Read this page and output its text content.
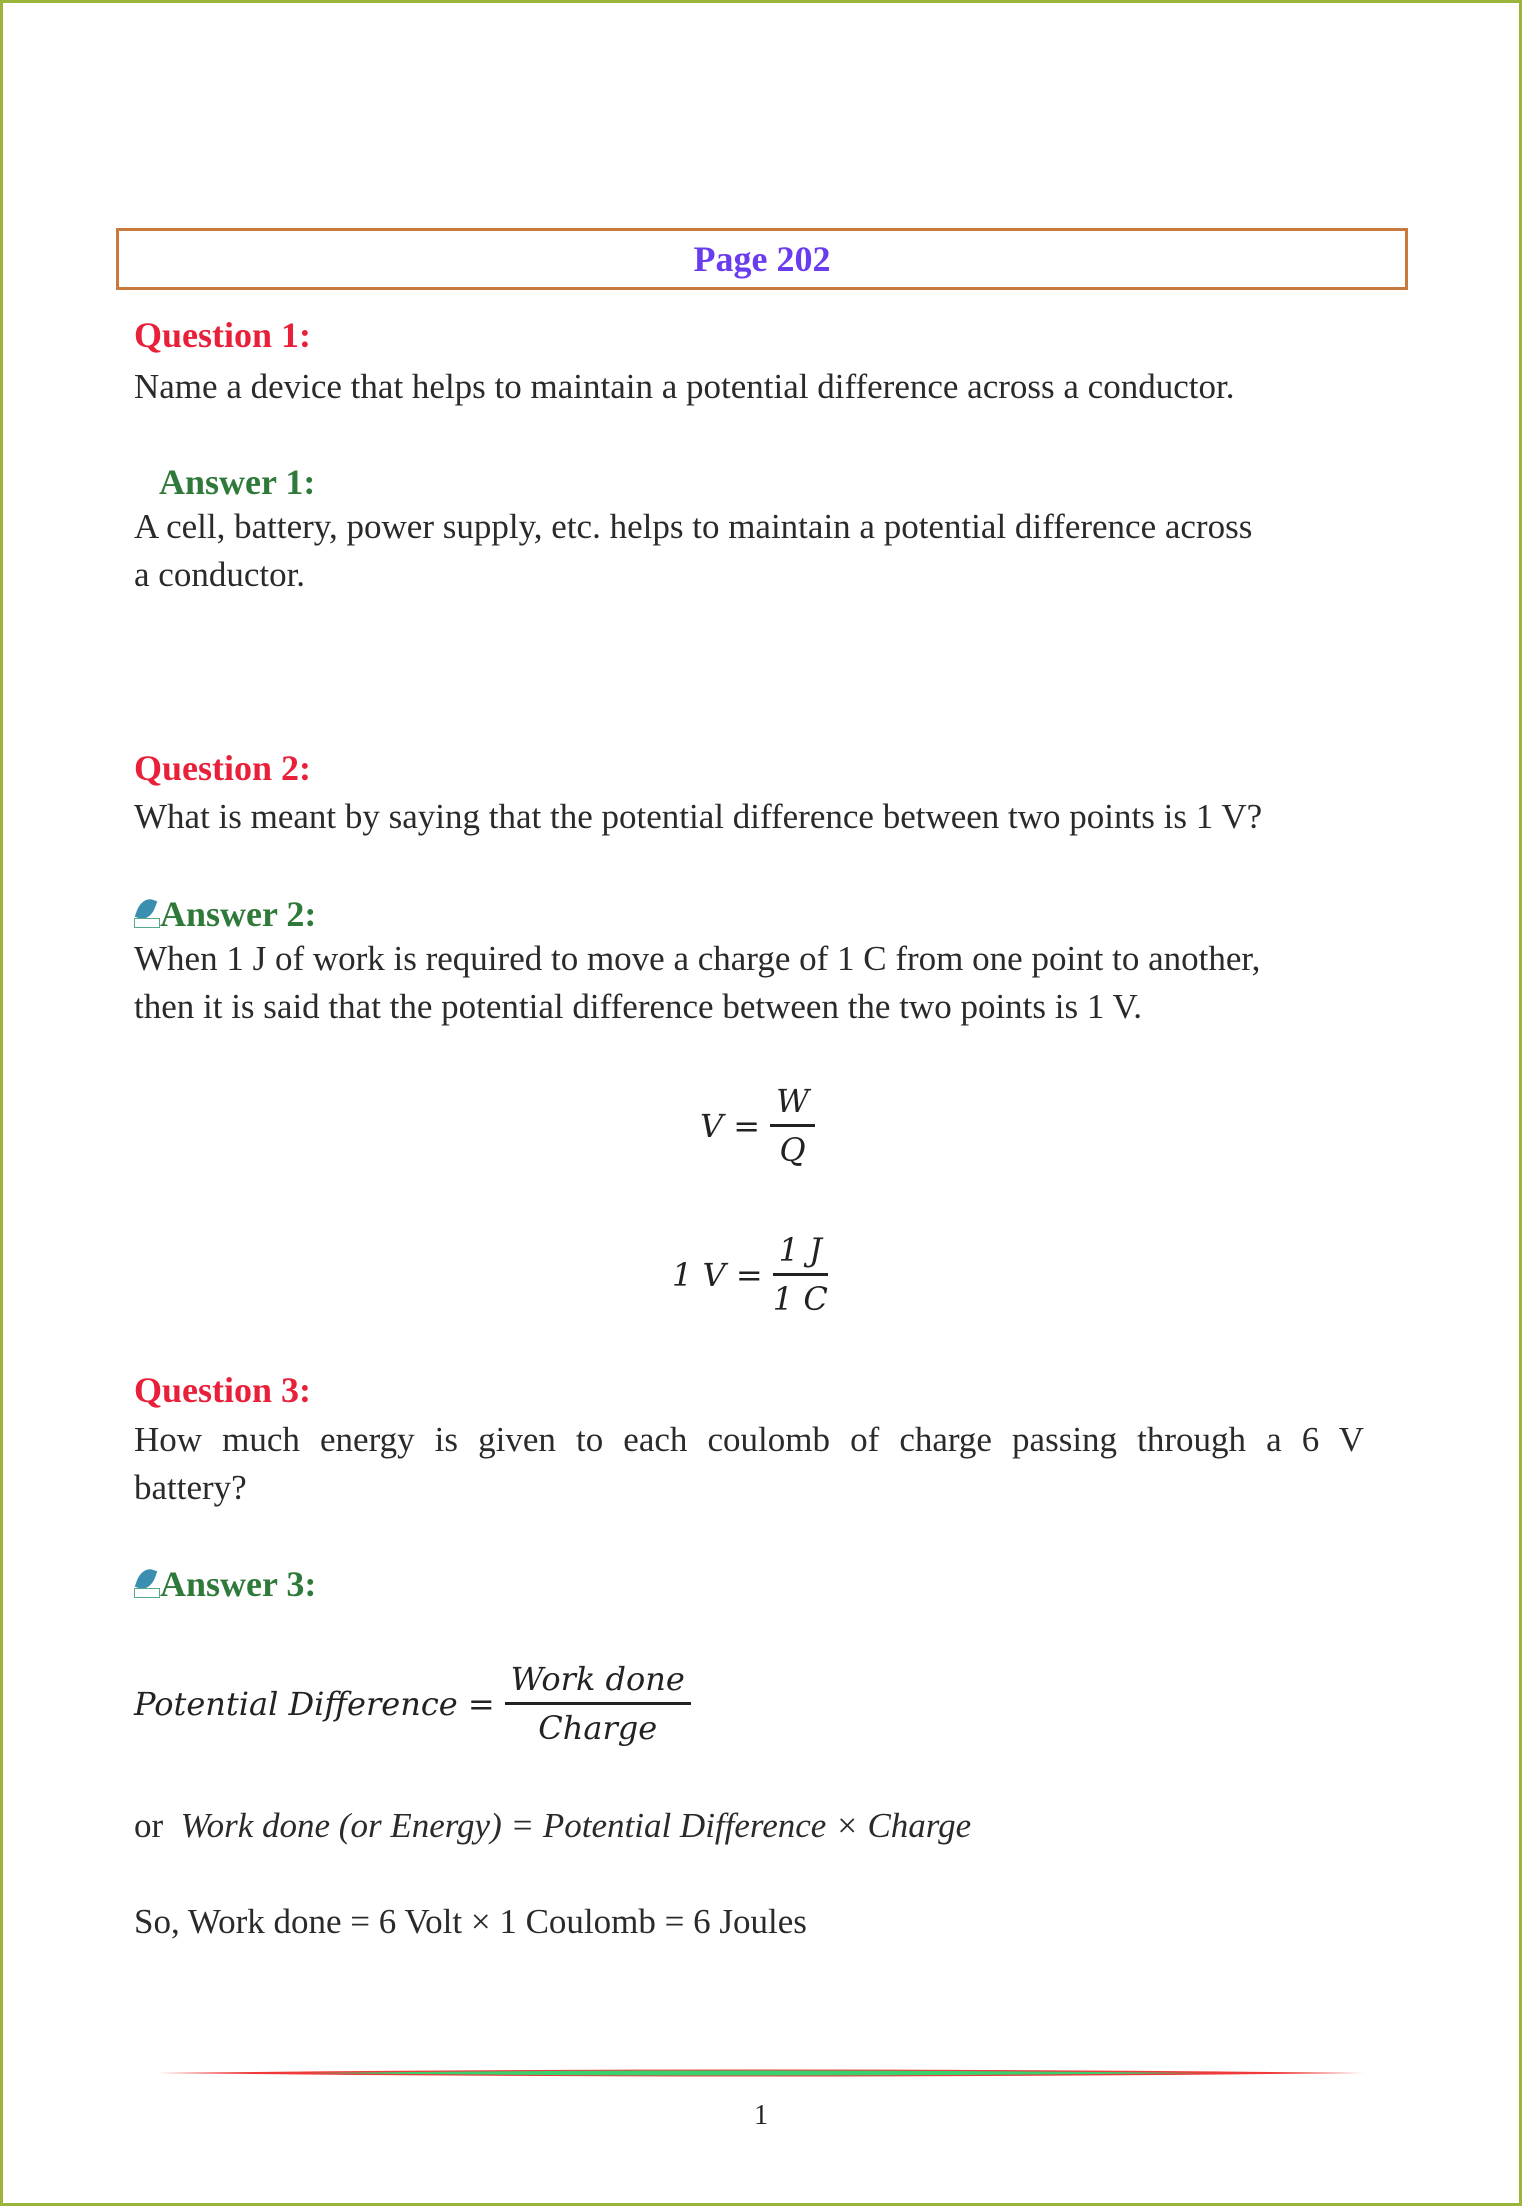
Page 202
Question 1:
Name a device that helps to maintain a potential difference across a conductor.
Answer 1:
A cell, battery, power supply, etc. helps to maintain a potential difference across
a conductor.
Question 2:
What is meant by saying that the potential difference between two points is 1 V?
Answer 2:
When 1 J of work is required to move a charge of 1 C from one point to another,
then it is said that the potential difference between the two points is 1 V.
$V = \frac{W}{Q}$
1 $V = \frac{1 J}{1 C}$
Question 3:
How much energy is given to each coulomb of charge passing through a 6 V
battery?
Answer 3:
Potential Difference = $\frac{\text{Work done}}{\text{Charge}}$
or Work done (or Energy) = Potential Difference × Charge
So, Work done = 6 Volt × 1 Coulomb = 6 Joules
1
